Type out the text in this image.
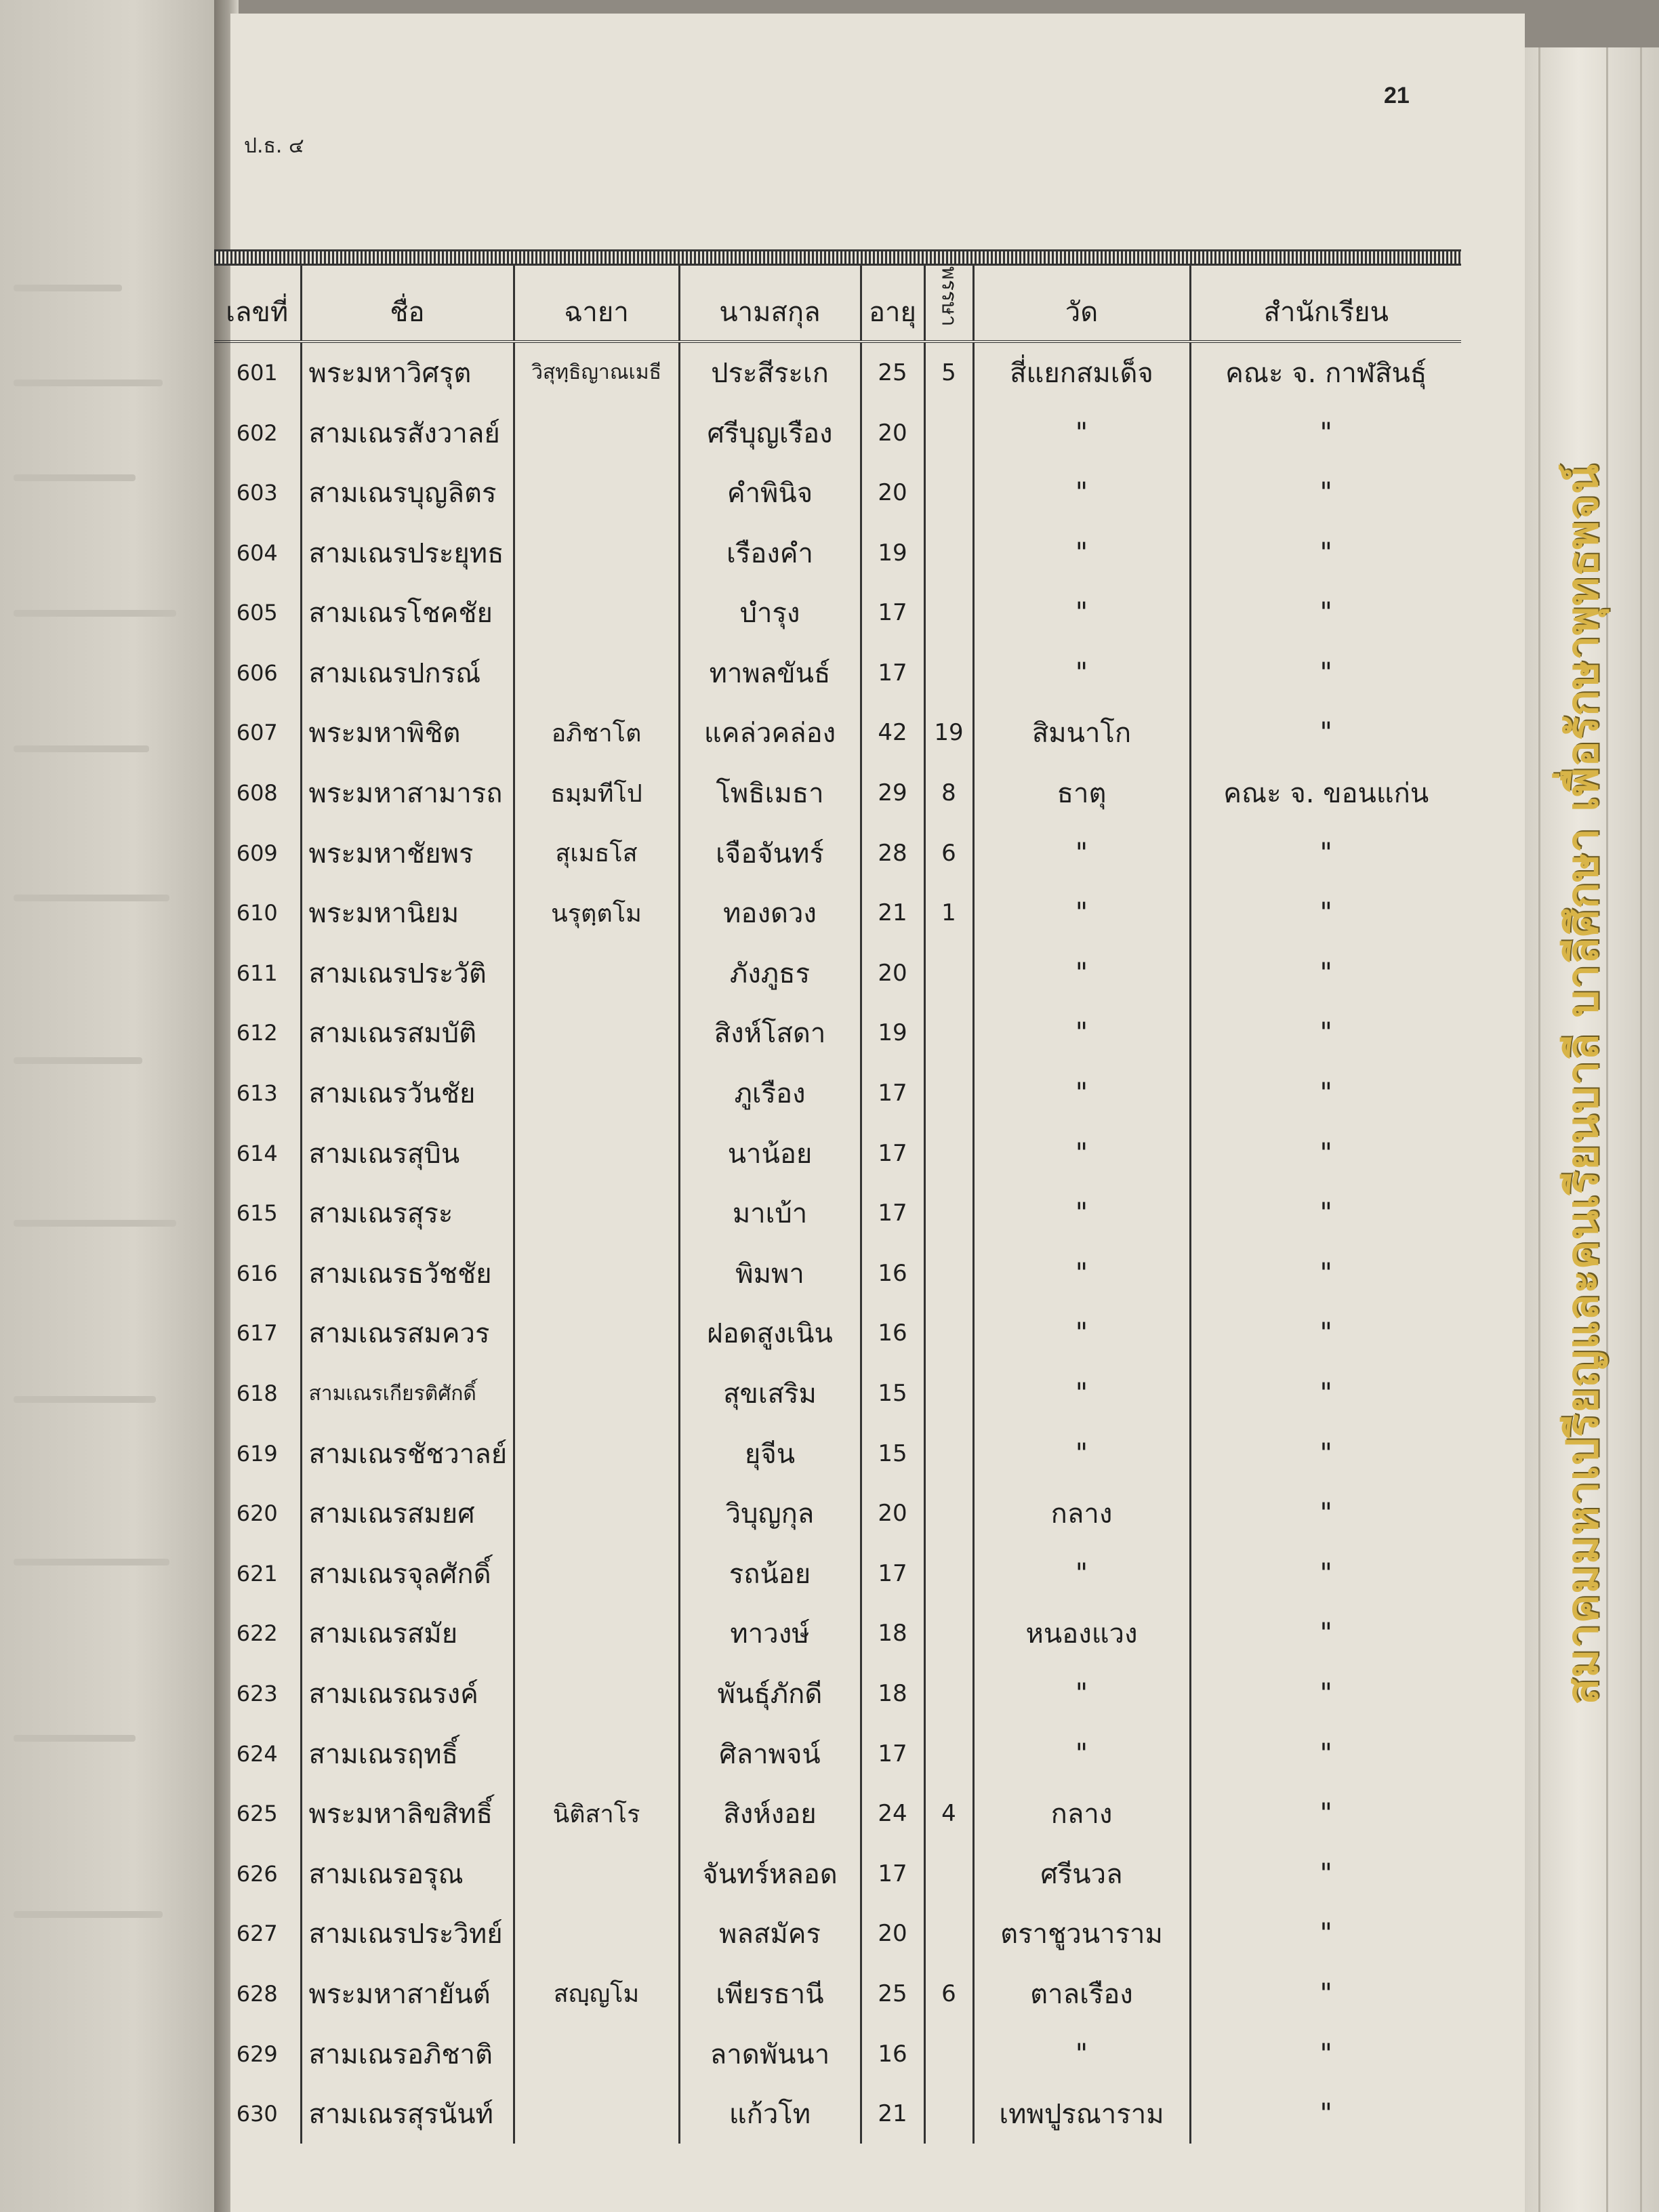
สมาคมมหาเปรียญและคนเรียนบาลี บาลีศึกษา เพื่อรักษาพุทธพจน์
21
ป.ธ. ๔
เลขที่	ชื่อ	ฉายา	นามสกุล	อายุ	พรรษา	วัด	สำนักเรียน
601	พระมหาวิศรุต	วิสุทฺธิญาณเมธี	ประสีระเก	25	5	สี่แยกสมเด็จ	คณะ จ. กาฬสินธุ์
602	สามเณรสังวาลย์		ศรีบุญเรือง	20		"	"
603	สามเณรบุญลิตร		คำพินิจ	20		"	"
604	สามเณรประยุทธ		เรืองคำ	19		"	"
605	สามเณรโชคชัย		บำรุง	17		"	"
606	สามเณรปกรณ์		ทาพลขันธ์	17		"	"
607	พระมหาพิชิต	อภิชาโต	แคล่วคล่อง	42	19	สิมนาโก	"
608	พระมหาสามารถ	ธมฺมทีโป	โพธิเมธา	29	8	ธาตุ	คณะ จ. ขอนแก่น
609	พระมหาชัยพร	สุเมธโส	เจือจันทร์	28	6	"	"
610	พระมหานิยม	นรุตฺตโม	ทองดวง	21	1	"	"
611	สามเณรประวัติ		ภังภูธร	20		"	"
612	สามเณรสมบัติ		สิงห์โสดา	19		"	"
613	สามเณรวันชัย		ภูเรือง	17		"	"
614	สามเณรสุบิน		นาน้อย	17		"	"
615	สามเณรสุระ		มาเบ้า	17		"	"
616	สามเณรธวัชชัย		พิมพา	16		"	"
617	สามเณรสมควร		ฝอดสูงเนิน	16		"	"
618	สามเณรเกียรติศักดิ์		สุขเสริม	15		"	"
619	สามเณรชัชวาลย์		ยุจีน	15		"	"
620	สามเณรสมยศ		วิบุญกุล	20		กลาง	"
621	สามเณรจุลศักดิ์		รถน้อย	17		"	"
622	สามเณรสมัย		ทาวงษ์	18		หนองแวง	"
623	สามเณรณรงค์		พันธุ์ภักดี	18		"	"
624	สามเณรฤทธิ์		ศิลาพจน์	17		"	"
625	พระมหาลิขสิทธิ์	นิติสาโร	สิงห์งอย	24	4	กลาง	"
626	สามเณรอรุณ		จันทร์หลอด	17		ศรีนวล	"
627	สามเณรประวิทย์		พลสมัคร	20		ตราชูวนาราม	"
628	พระมหาสายันต์	สญฺญโม	เพียรธานี	25	6	ตาลเรือง	"
629	สามเณรอภิชาติ		ลาดพันนา	16		"	"
630	สามเณรสุรนันท์		แก้วโท	21		เทพปูรณาราม	"
